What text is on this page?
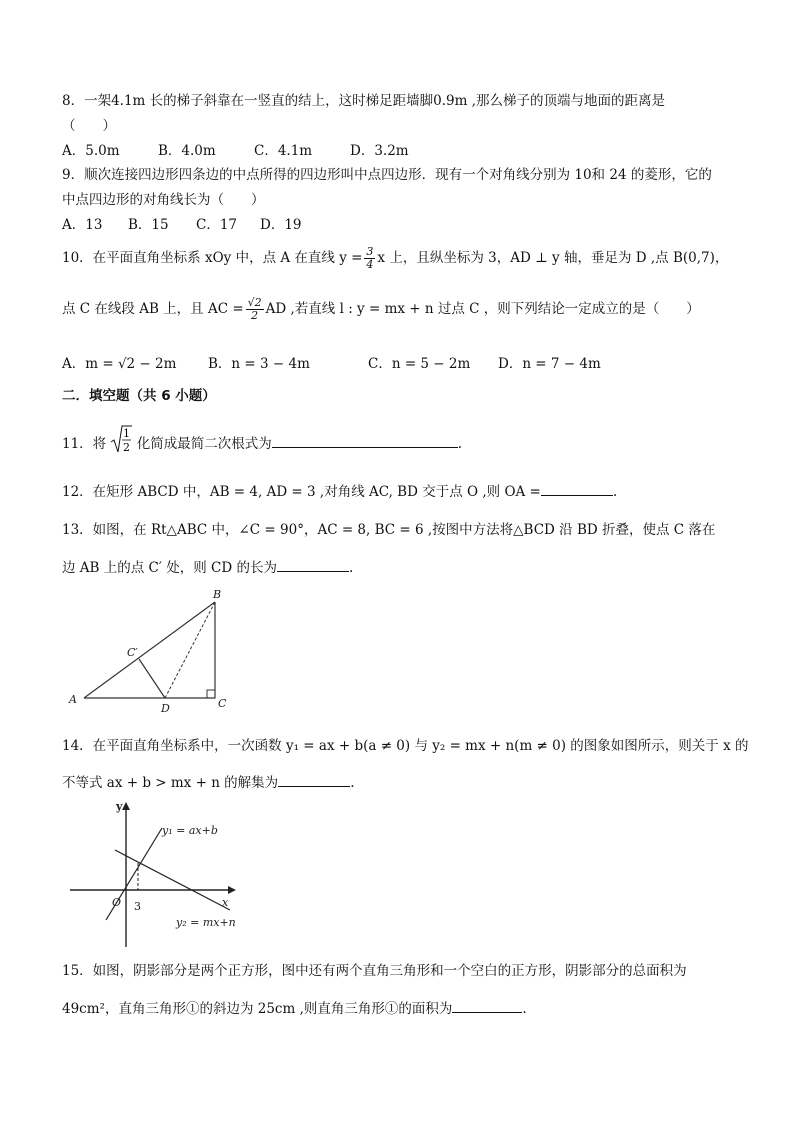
8．一架4.1m 长的梯子斜靠在一竖直的结上，这时梯足距墙脚0.9m ,那么梯子的顶端与地面的距离是
（　　）
A．5.0m	B．4.0m	C．4.1m	D．3.2m
9．顺次连接四边形四条边的中点所得的四边形叫中点四边形．现有一个对角线分别为 10和 24 的菱形，它的
中点四边形的对角线长为（　　）
A．13 B．15 C．17 D．19
10．在平面直角坐标系 xOy 中，点 A 在直线 $y = \frac{3}{4}$ x 上，且纵坐标为 3，AD ⊥ y 轴，垂足为 D ,点 B(0,7)，
点 C 在线段 AB 上，且 AC = $\frac{√2}{2}$ AD ,若直线 l : y = mx + n 过点 C ，则下列结论一定成立的是（　　）
A．m = √2 − 2m B．n = 3 − 4m	C．n = 5 − 2m D．n = 7 − 4m
二．填空题（共 6 小题）
11．将
1
2 化简成最简二次根式为	.
12．在矩形 ABCD 中，AB = 4, AD = 3 ,对角线 AC, BD 交于点 O ,则 OA =	.
13．如图，在 Rt△ABC 中，∠C = 90°，AC = 8, BC = 6 ,按图中方法将△BCD 沿 BD 折叠，使点 C 落在
边 AB 上的点 C′ 处，则 CD 的长为	.
A
B
C
D
C′
14．在平面直角坐标系中，一次函数 y₁ = ax + b(a ≠ 0) 与 y₂ = mx + n(m ≠ 0) 的图象如图所示，则关于 x 的
不等式 ax + b > mx + n 的解集为	.
y
x
O 3
y₁ = ax+b
y₂ = mx+n
15．如图，阴影部分是两个正方形，图中还有两个直角三角形和一个空白的正方形，阴影部分的总面积为
49cm²，直角三角形①的斜边为 25cm ,则直角三角形①的面积为	.
